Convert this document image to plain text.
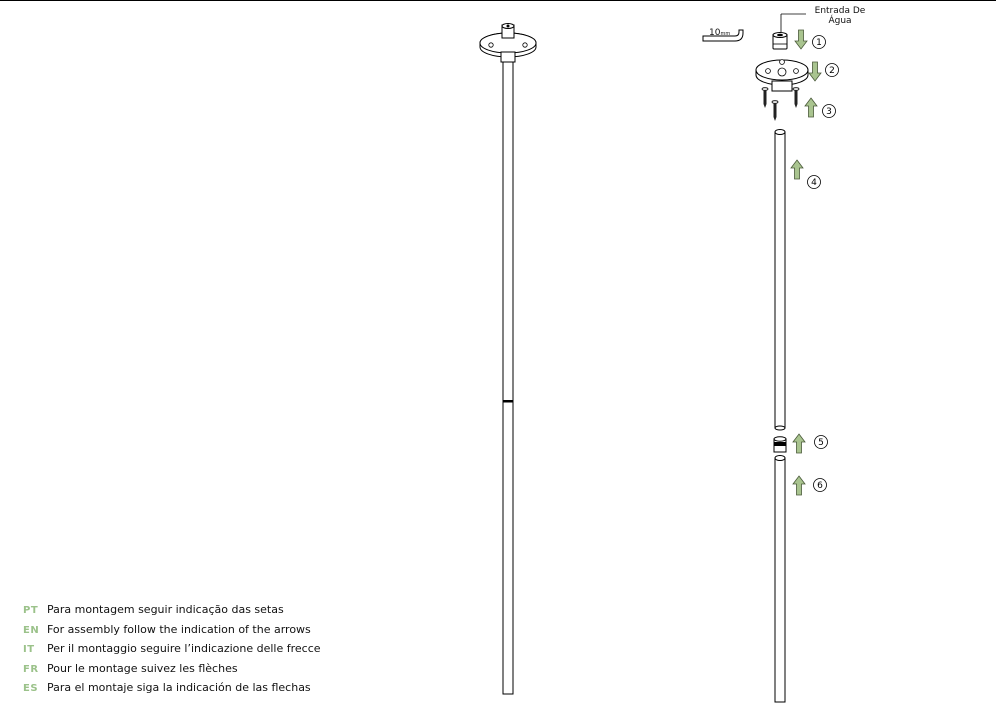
1
2
3
4
5
6
10mm
Entrada De
Água
PT Para montagem seguir indicação das setas
EN For assembly follow the indication of the arrows
IT	Per il montaggio seguire l’indicazione delle frecce
FR Pour le montage suivez les flèches
ES Para el montaje siga la indicación de las flechas
